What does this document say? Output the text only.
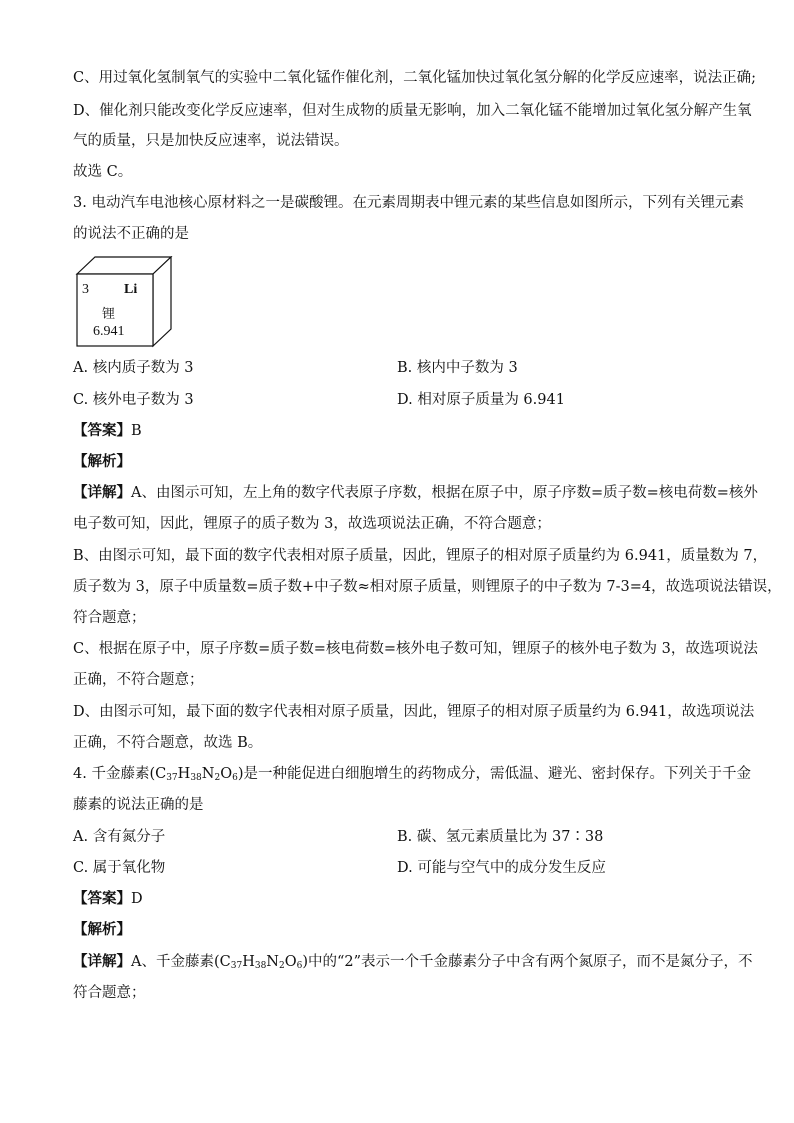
C、用过氧化氢制氧气的实验中二氧化锰作催化剂，二氧化锰加快过氧化氢分解的化学反应速率，说法正确;
D、催化剂只能改变化学反应速率，但对生成物的质量无影响，加入二氧化锰不能增加过氧化氢分解产生氧
气的质量，只是加快反应速率，说法错误。
故选 C。
3. 电动汽车电池核心原材料之一是碳酸锂。在元素周期表中锂元素的某些信息如图所示，下列有关锂元素
的说法不正确的是
3	Li
锂
6.941
A. 核内质子数为 3	B. 核内中子数为 3
C. 核外电子数为 3	D. 相对原子质量为 6.941
【答案】B
【解析】
【详解】A、由图示可知，左上角的数字代表原子序数，根据在原子中，原子序数=质子数=核电荷数=核外
电子数可知，因此，锂原子的质子数为 3，故选项说法正确，不符合题意；
B、由图示可知，最下面的数字代表相对原子质量，因此，锂原子的相对原子质量约为 6.941，质量数为 7，
质子数为 3，原子中质量数=质子数+中子数≈相对原子质量，则锂原子的中子数为 7-3=4，故选项说法错误，
符合题意；
C、根据在原子中，原子序数=质子数=核电荷数=核外电子数可知，锂原子的核外电子数为 3，故选项说法
正确，不符合题意；
D、由图示可知，最下面的数字代表相对原子质量，因此，锂原子的相对原子质量约为 6.941，故选项说法
正确，不符合题意，故选 B。
4. 千金藤素$(C_{37}H_{38}N_2O_6)$是一种能促进白细胞增生的药物成分，需低温、避光、密封保存。下列关于千金
藤素的说法正确的是
A. 含有氮分子	B. 碳、氢元素质量比为 37∶38
C. 属于氧化物	D. 可能与空气中的成分发生反应
【答案】D
【解析】
【详解】A、千金藤素$(C_{37}H_{38}N_2O_6)$中的“2”表示一个千金藤素分子中含有两个氮原子，而不是氮分子，不
符合题意；
